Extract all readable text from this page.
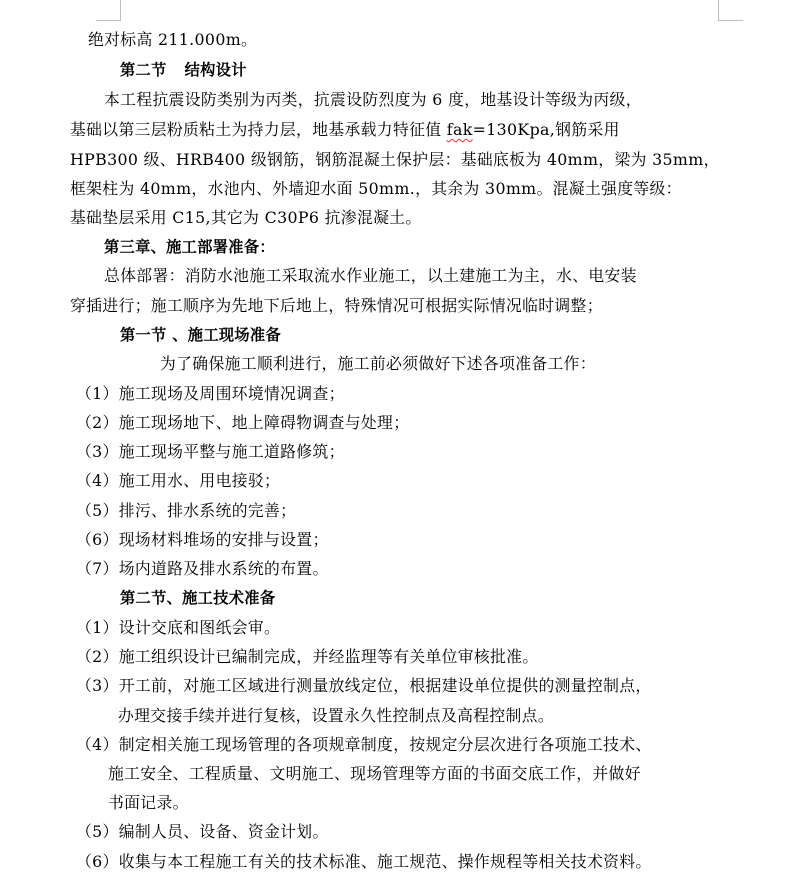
绝对标高 211.000m。
第二节 结构设计
本工程抗震设防类别为丙类，抗震设防烈度为 6 度，地基设计等级为丙级，
基础以第三层粉质粘土为持力层，地基承载力特征值 fak=130Kpa,钢筋采用
HPB300 级、HRB400 级钢筋，钢筋混凝土保护层：基础底板为 40mm，梁为 35mm，
框架柱为 40mm，水池内、外墙迎水面 50mm.，其余为 30mm。混凝土强度等级：
基础垫层采用 C15,其它为 C30P6 抗渗混凝土。
第三章、施工部署准备：
总体部署：消防水池施工采取流水作业施工，以土建施工为主，水、电安装
穿插进行；施工顺序为先地下后地上，特殊情况可根据实际情况临时调整；
第一节 、施工现场准备
为了确保施工顺利进行，施工前必须做好下述各项准备工作：
（1）施工现场及周围环境情况调查；
（2）施工现场地下、地上障碍物调查与处理；
（3）施工现场平整与施工道路修筑；
（4）施工用水、用电接驳；
（5）排污、排水系统的完善；
（6）现场材料堆场的安排与设置；
（7）场内道路及排水系统的布置。
第二节、施工技术准备
（1）设计交底和图纸会审。
（2）施工组织设计已编制完成，并经监理等有关单位审核批准。
（3）开工前，对施工区域进行测量放线定位，根据建设单位提供的测量控制点，
办理交接手续并进行复核，设置永久性控制点及高程控制点。
（4）制定相关施工现场管理的各项规章制度，按规定分层次进行各项施工技术、
施工安全、工程质量、文明施工、现场管理等方面的书面交底工作，并做好
书面记录。
（5）编制人员、设备、资金计划。
（6）收集与本工程施工有关的技术标准、施工规范、操作规程等相关技术资料。
